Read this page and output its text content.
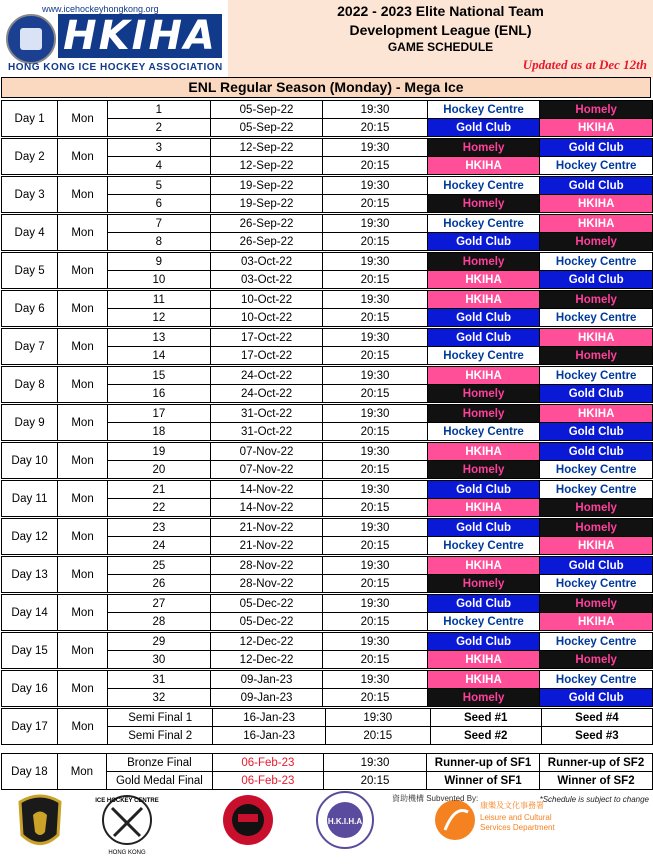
www.icehockeyhongkong.org
HKIHA
HONG KONG ICE HOCKEY ASSOCIATION
2022 - 2023 Elite National Team
Development League (ENL)
GAME SCHEDULE
Updated as at Dec 12th
ENL Regular Season (Monday) - Mega Ice
Day 1	Mon	1	05-Sep-22	19:30	Hockey Centre	Homely
		2	05-Sep-22	20:15	Gold Club	HKIHA

Day 2	Mon	3	12-Sep-22	19:30	Homely	Gold Club
		4	12-Sep-22	20:15	HKIHA	Hockey Centre

Day 3	Mon	5	19-Sep-22	19:30	Hockey Centre	Gold Club
		6	19-Sep-22	20:15	Homely	HKIHA

Day 4	Mon	7	26-Sep-22	19:30	Hockey Centre	HKIHA
		8	26-Sep-22	20:15	Gold Club	Homely

Day 5	Mon	9	03-Oct-22	19:30	Homely	Hockey Centre
		10	03-Oct-22	20:15	HKIHA	Gold Club

Day 6	Mon	11	10-Oct-22	19:30	HKIHA	Homely
		12	10-Oct-22	20:15	Gold Club	Hockey Centre

Day 7	Mon	13	17-Oct-22	19:30	Gold Club	HKIHA
		14	17-Oct-22	20:15	Hockey Centre	Homely

Day 8	Mon	15	24-Oct-22	19:30	HKIHA	Hockey Centre
		16	24-Oct-22	20:15	Homely	Gold Club

Day 9	Mon	17	31-Oct-22	19:30	Homely	HKIHA
		18	31-Oct-22	20:15	Hockey Centre	Gold Club

Day 10	Mon	19	07-Nov-22	19:30	HKIHA	Gold Club
		20	07-Nov-22	20:15	Homely	Hockey Centre

Day 11	Mon	21	14-Nov-22	19:30	Gold Club	Hockey Centre
		22	14-Nov-22	20:15	HKIHA	Homely

Day 12	Mon	23	21-Nov-22	19:30	Gold Club	Homely
		24	21-Nov-22	20:15	Hockey Centre	HKIHA

Day 13	Mon	25	28-Nov-22	19:30	HKIHA	Gold Club
		26	28-Nov-22	20:15	Homely	Hockey Centre

Day 14	Mon	27	05-Dec-22	19:30	Gold Club	Homely
		28	05-Dec-22	20:15	Hockey Centre	HKIHA

Day 15	Mon	29	12-Dec-22	19:30	Gold Club	Hockey Centre
		30	12-Dec-22	20:15	HKIHA	Homely

Day 16	Mon	31	09-Jan-23	19:30	HKIHA	Hockey Centre
		32	09-Jan-23	20:15	Homely	Gold Club
Day 17	Mon	Semi Final 1	16-Jan-23	19:30	Seed #1	Seed #4
		Semi Final 2	16-Jan-23	20:15	Seed #2	Seed #3
Day 18	Mon	Bronze Final	06-Feb-23	19:30	Runner-up of SF1	Runner-up of SF2
		Gold Medal Final	06-Feb-23	20:15	Winner of SF1	Winner of SF2
ICE HOCKEY CENTRE
HONG KONG
H.K.I.H.A
康樂及文化事務署
Leisure and Cultural
Services Department
資助機構 Subvented By:	*Schedule is subject to change
